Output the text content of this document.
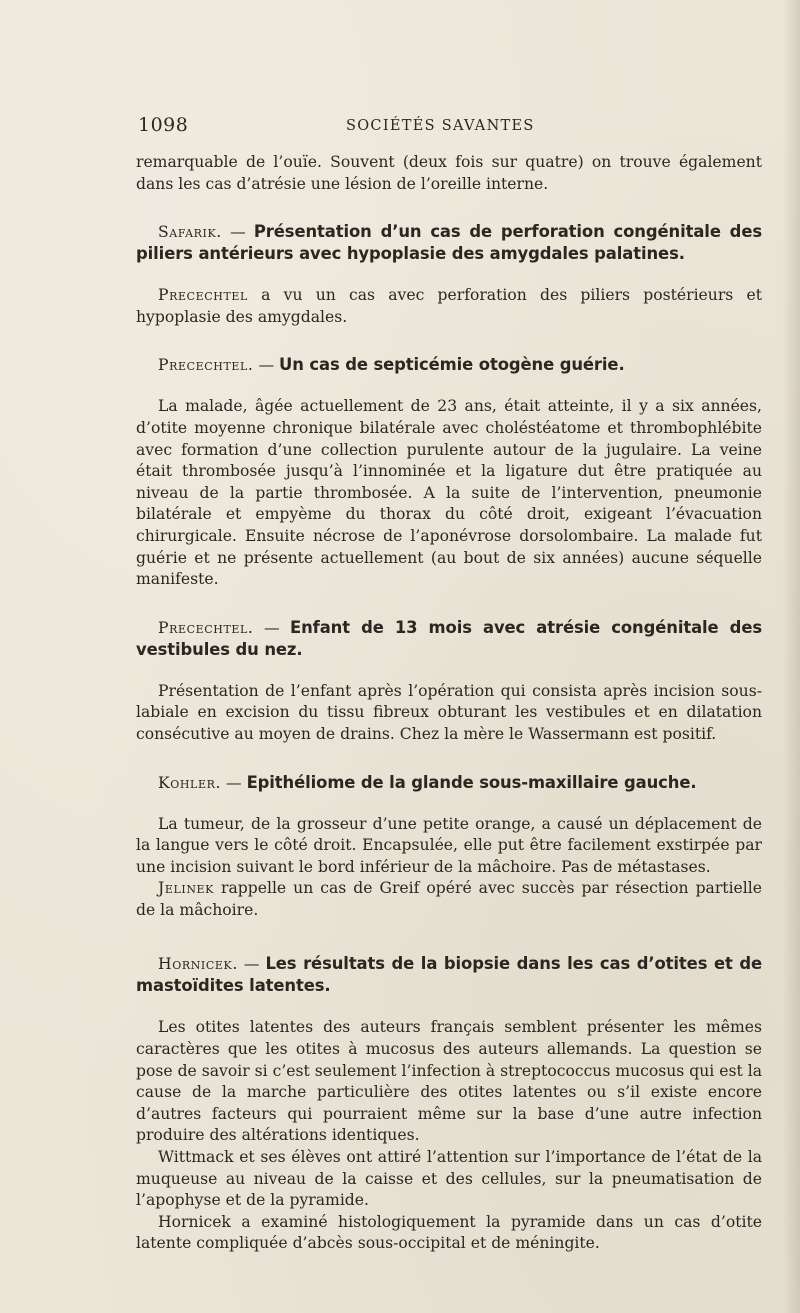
1098	SOCIÉTÉS SAVANTES

remarquable de l’ouïe. Souvent (deux fois sur quatre) on trouve également dans les cas d’atrésie une lésion de l’oreille interne.

Safarik. — Présentation d’un cas de perforation congénitale des piliers antérieurs avec hypoplasie des amygdales palatines.

Precechtel a vu un cas avec perforation des piliers postérieurs et hypoplasie des amygdales.

Precechtel. — Un cas de septicémie otogène guérie.

La malade, âgée actuellement de 23 ans, était atteinte, il y a six années, d’otite moyenne chronique bilatérale avec choléstéatome et thrombophlébite avec formation d’une collection purulente autour de la jugulaire. La veine était thrombosée jusqu’à l’innominée et la ligature dut être pratiquée au niveau de la partie thrombosée. A la suite de l’intervention, pneumonie bilatérale et empyème du thorax du côté droit, exigeant l’évacuation chirurgicale. Ensuite nécrose de l’aponévrose dorsolombaire. La malade fut guérie et ne présente actuellement (au bout de six années) aucune séquelle manifeste.

Precechtel. — Enfant de 13 mois avec atrésie congénitale des vestibules du nez.

Présentation de l’enfant après l’opération qui consista après incision sous-labiale en excision du tissu fibreux obturant les vestibules et en dilatation consécutive au moyen de drains. Chez la mère le Wassermann est positif.

Kohler. — Epithéliome de la glande sous-maxillaire gauche.

La tumeur, de la grosseur d’une petite orange, a causé un déplacement de la langue vers le côté droit. Encapsulée, elle put être facilement exstirpée par une incision suivant le bord inférieur de la mâchoire. Pas de métastases.

Jelinek rappelle un cas de Greif opéré avec succès par résection partielle de la mâchoire.

Hornicek. — Les résultats de la biopsie dans les cas d’otites et de mastoïdites latentes.

Les otites latentes des auteurs français semblent présenter les mêmes caractères que les otites à mucosus des auteurs allemands. La question se pose de savoir si c’est seulement l’infection à streptococcus mucosus qui est la cause de la marche particulière des otites latentes ou s’il existe encore d’autres facteurs qui pourraient même sur la base d’une autre infection produire des altérations identiques.

Wittmack et ses élèves ont attiré l’attention sur l’importance de l’état de la muqueuse au niveau de la caisse et des cellules, sur la pneumatisation de l’apophyse et de la pyramide.

Hornicek a examiné histologiquement la pyramide dans un cas d’otite latente compliquée d’abcès sous-occipital et de méningite.
